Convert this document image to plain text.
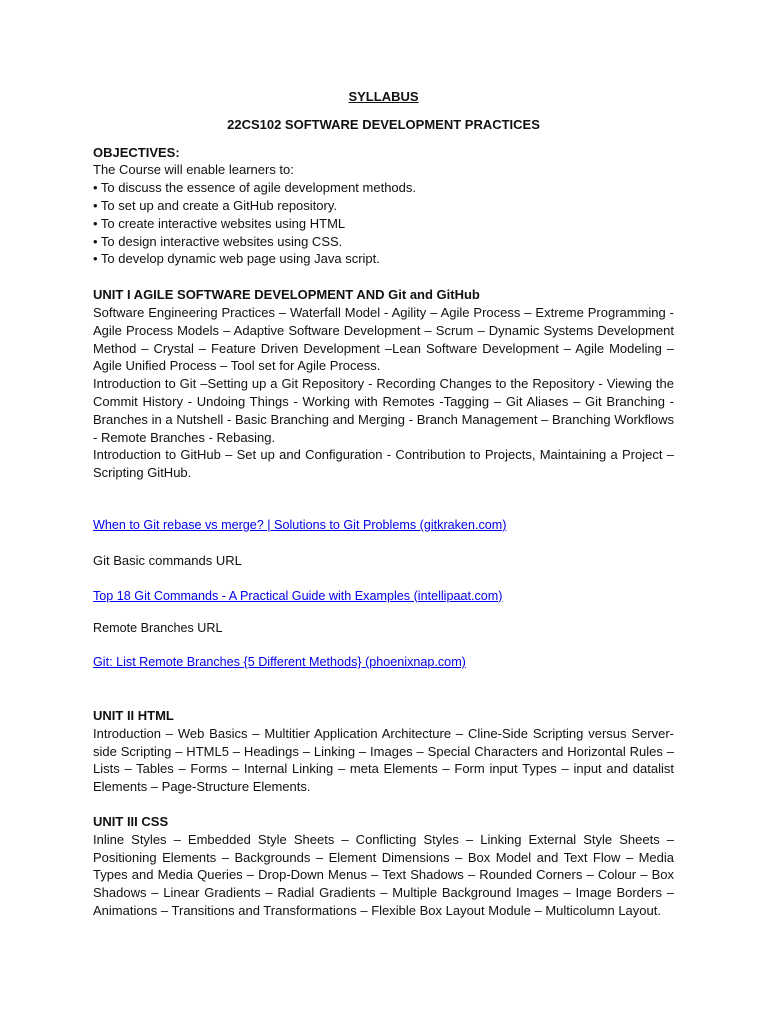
SYLLABUS
22CS102 SOFTWARE DEVELOPMENT PRACTICES
OBJECTIVES:
The Course will enable learners to:
• To discuss the essence of agile development methods.
• To set up and create a GitHub repository.
• To create interactive websites using HTML
• To design interactive websites using CSS.
• To develop dynamic web page using Java script.
UNIT I AGILE SOFTWARE DEVELOPMENT AND Git and GitHub

Software Engineering Practices – Waterfall Model - Agility – Agile Process – Extreme Programming - Agile Process Models – Adaptive Software Development – Scrum – Dynamic Systems Development Method – Crystal – Feature Driven Development –Lean Software Development – Agile Modeling – Agile Unified Process – Tool set for Agile Process.

Introduction to Git –Setting up a Git Repository - Recording Changes to the Repository - Viewing the Commit History - Undoing Things - Working with Remotes -Tagging – Git Aliases – Git Branching - Branches in a Nutshell - Basic Branching and Merging - Branch Management – Branching Workflows - Remote Branches - Rebasing.

Introduction to GitHub – Set up and Configuration - Contribution to Projects, Maintaining a Project – Scripting GitHub.

When to Git rebase vs merge? | Solutions to Git Problems (gitkraken.com)
Git Basic commands URL
Top 18 Git Commands - A Practical Guide with Examples (intellipaat.com)
Remote Branches URL
Git: List Remote Branches {5 Different Methods} (phoenixnap.com)
UNIT II HTML

Introduction – Web Basics – Multitier Application Architecture – Cline-Side Scripting versus Server-side Scripting – HTML5 – Headings – Linking – Images – Special Characters and Horizontal Rules – Lists – Tables – Forms – Internal Linking – meta Elements – Form input Types – input and datalist Elements – Page-Structure Elements.

UNIT III CSS

Inline Styles – Embedded Style Sheets – Conflicting Styles – Linking External Style Sheets – Positioning Elements – Backgrounds – Element Dimensions – Box Model and Text Flow – Media Types and Media Queries – Drop-Down Menus – Text Shadows – Rounded Corners – Colour – Box Shadows – Linear Gradients – Radial Gradients – Multiple Background Images – Image Borders – Animations – Transitions and Transformations – Flexible Box Layout Module – Multicolumn Layout.
